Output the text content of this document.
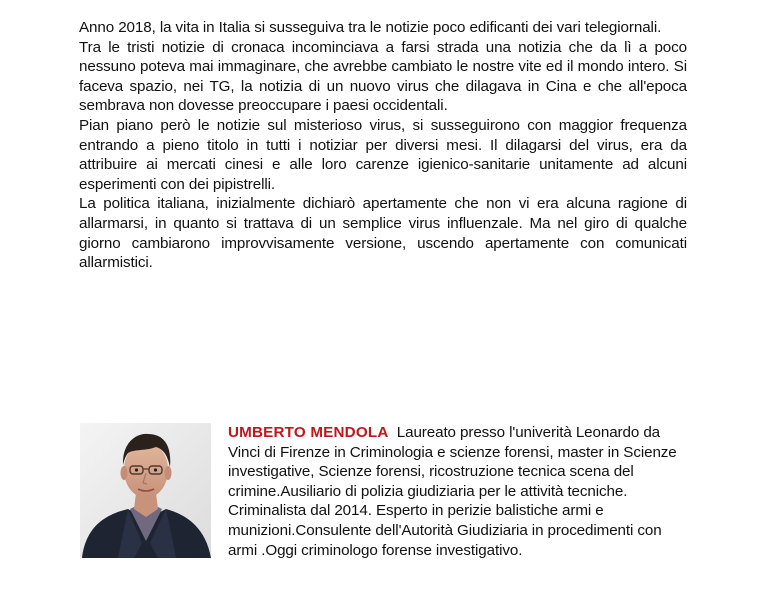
Anno 2018, la vita in Italia si susseguiva tra le notizie poco edificanti dei vari telegiornali.

Tra le tristi notizie di cronaca incominciava a farsi strada una notizia che da lì a poco nessuno poteva mai immaginare, che avrebbe cambiato le nostre vite ed il mondo intero. Si faceva spazio, nei TG, la notizia di un nuovo virus che dilagava in Cina e che all'epoca sembrava non dovesse preoccupare i paesi occidentali.

Pian piano però le notizie sul misterioso virus, si susseguirono con maggior frequenza entrando a pieno titolo in tutti i notiziar per diversi mesi. Il dilagarsi del virus, era da attribuire ai mercati cinesi e alle loro carenze igienico-sanitarie unitamente ad alcuni esperimenti con dei pipistrelli.

La politica italiana, inizialmente dichiarò apertamente che non vi era alcuna ragione di allarmarsi, in quanto si trattava di un semplice virus influenzale. Ma nel giro di qualche giorno cambiarono improvvisamente versione, uscendo apertamente con comunicati allarmistici.

UMBERTO MENDOLA Laureato presso l'univerità Leonardo da Vinci di Firenze in Criminologia e scienze forensi, master in Scienze investigative, Scienze forensi, ricostruzione tecnica scena del crimine.Ausiliario di polizia giudiziaria per le attività tecniche. Criminalista dal 2014. Esperto in perizie balistiche armi e munizioni.Consulente dell'Autorità Giudiziaria in procedimenti con armi .Oggi criminologo forense investigativo.
